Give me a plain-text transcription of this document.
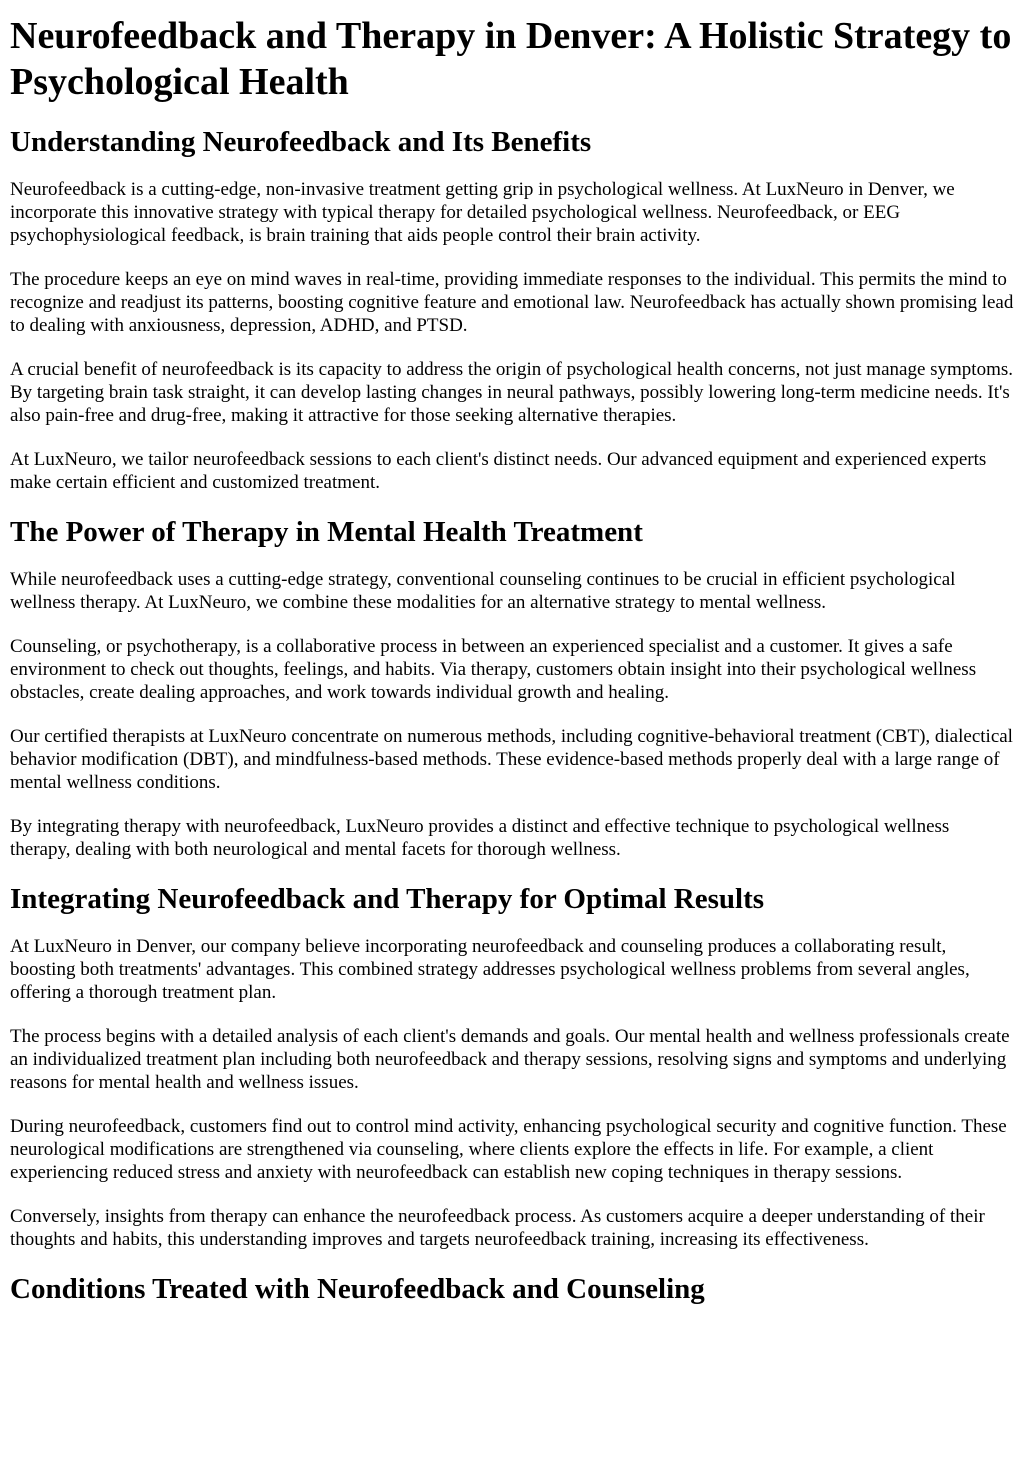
Neurofeedback and Therapy in Denver: A Holistic Strategy to Psychological Health
Understanding Neurofeedback and Its Benefits

Neurofeedback is a cutting-edge, non-invasive treatment getting grip in psychological wellness. At LuxNeuro in Denver, we incorporate this innovative strategy with typical therapy for detailed psychological wellness. Neurofeedback, or EEG psychophysiological feedback, is brain training that aids people control their brain activity.

The procedure keeps an eye on mind waves in real-time, providing immediate responses to the individual. This permits the mind to recognize and readjust its patterns, boosting cognitive feature and emotional law. Neurofeedback has actually shown promising lead to dealing with anxiousness, depression, ADHD, and PTSD.

A crucial benefit of neurofeedback is its capacity to address the origin of psychological health concerns, not just manage symptoms. By targeting brain task straight, it can develop lasting changes in neural pathways, possibly lowering long-term medicine needs. It's also pain-free and drug-free, making it attractive for those seeking alternative therapies.

At LuxNeuro, we tailor neurofeedback sessions to each client's distinct needs. Our advanced equipment and experienced experts make certain efficient and customized treatment.

The Power of Therapy in Mental Health Treatment

While neurofeedback uses a cutting-edge strategy, conventional counseling continues to be crucial in efficient psychological wellness therapy. At LuxNeuro, we combine these modalities for an alternative strategy to mental wellness.

Counseling, or psychotherapy, is a collaborative process in between an experienced specialist and a customer. It gives a safe environment to check out thoughts, feelings, and habits. Via therapy, customers obtain insight into their psychological wellness obstacles, create dealing approaches, and work towards individual growth and healing.

Our certified therapists at LuxNeuro concentrate on numerous methods, including cognitive-behavioral treatment (CBT), dialectical behavior modification (DBT), and mindfulness-based methods. These evidence-based methods properly deal with a large range of mental wellness conditions.

By integrating therapy with neurofeedback, LuxNeuro provides a distinct and effective technique to psychological wellness therapy, dealing with both neurological and mental facets for thorough wellness.

Integrating Neurofeedback and Therapy for Optimal Results

At LuxNeuro in Denver, our company believe incorporating neurofeedback and counseling produces a collaborating result, boosting both treatments' advantages. This combined strategy addresses psychological wellness problems from several angles, offering a thorough treatment plan.

The process begins with a detailed analysis of each client's demands and goals. Our mental health and wellness professionals create an individualized treatment plan including both neurofeedback and therapy sessions, resolving signs and symptoms and underlying reasons for mental health and wellness issues.

During neurofeedback, customers find out to control mind activity, enhancing psychological security and cognitive function. These neurological modifications are strengthened via counseling, where clients explore the effects in life. For example, a client experiencing reduced stress and anxiety with neurofeedback can establish new coping techniques in therapy sessions.

Conversely, insights from therapy can enhance the neurofeedback process. As customers acquire a deeper understanding of their thoughts and habits, this understanding improves and targets neurofeedback training, increasing its effectiveness.

Conditions Treated with Neurofeedback and Counseling
